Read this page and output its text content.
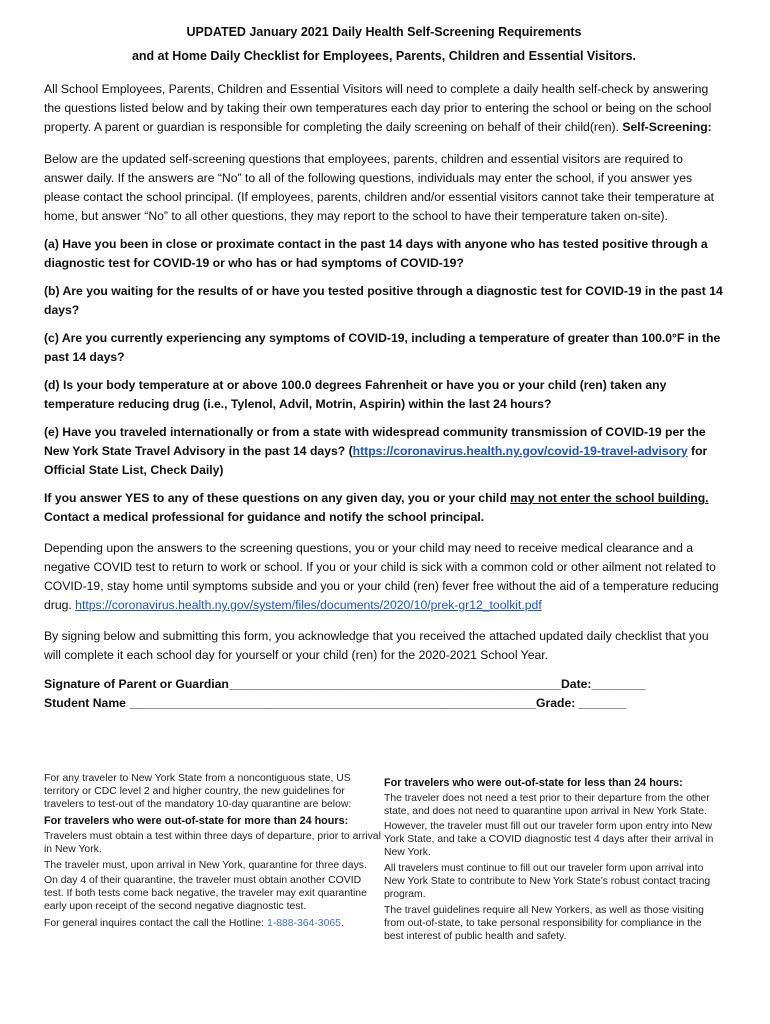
UPDATED January 2021 Daily Health Self-Screening Requirements
and at Home Daily Checklist for Employees, Parents, Children and Essential Visitors.
All School Employees, Parents, Children and Essential Visitors will need to complete a daily health self-check by answering the questions listed below and by taking their own temperatures each day prior to entering the school or being on the school property. A parent or guardian is responsible for completing the daily screening on behalf of their child(ren). Self-Screening:
Below are the updated self-screening questions that employees, parents, children and essential visitors are required to answer daily. If the answers are “No” to all of the following questions, individuals may enter the school, if you answer yes please contact the school principal. (If employees, parents, children and/or essential visitors cannot take their temperature at home, but answer “No” to all other questions, they may report to the school to have their temperature taken on-site).
(a) Have you been in close or proximate contact in the past 14 days with anyone who has tested positive through a diagnostic test for COVID-19 or who has or had symptoms of COVID-19?
(b) Are you waiting for the results of or have you tested positive through a diagnostic test for COVID-19 in the past 14 days?
(c) Are you currently experiencing any symptoms of COVID-19, including a temperature of greater than 100.0°F in the past 14 days?
(d) Is your body temperature at or above 100.0 degrees Fahrenheit or have you or your child (ren) taken any temperature reducing drug (i.e., Tylenol, Advil, Motrin, Aspirin) within the last 24 hours?
(e) Have you traveled internationally or from a state with widespread community transmission of COVID-19 per the New York State Travel Advisory in the past 14 days? (https://coronavirus.health.ny.gov/covid-19-travel-advisory for Official State List, Check Daily)
If you answer YES to any of these questions on any given day, you or your child may not enter the school building.
Contact a medical professional for guidance and notify the school principal.
Depending upon the answers to the screening questions, you or your child may need to receive medical clearance and a negative COVID test to return to work or school. If you or your child is sick with a common cold or other ailment not related to COVID-19, stay home until symptoms subside and you or your child (ren) fever free without the aid of a temperature reducing drug. https://coronavirus.health.ny.gov/system/files/documents/2020/10/prek-gr12_toolkit.pdf
By signing below and submitting this form, you acknowledge that you received the attached updated daily checklist that you will complete it each school day for yourself or your child (ren) for the 2020-2021 School Year.
Signature of Parent or Guardian_________________________________________________Date:________
Student Name ____________________________________________________________Grade: _______
For any traveler to New York State from a noncontiguous state, US territory or CDC level 2 and higher country, the new guidelines for travelers to test-out of the mandatory 10-day quarantine are below:
For travelers who were out-of-state for more than 24 hours:
Travelers must obtain a test within three days of departure, prior to arrival in New York.
The traveler must, upon arrival in New York, quarantine for three days.
On day 4 of their quarantine, the traveler must obtain another COVID test. If both tests come back negative, the traveler may exit quarantine early upon receipt of the second negative diagnostic test.
For general inquires contact the call the Hotline: 1-888-364-3065.
For travelers who were out-of-state for less than 24 hours:
The traveler does not need a test prior to their departure from the other state, and does not need to quarantine upon arrival in New York State.
However, the traveler must fill out our traveler form upon entry into New York State, and take a COVID diagnostic test 4 days after their arrival in New York.
All travelers must continue to fill out our traveler form upon arrival into New York State to contribute to New York State’s robust contact tracing program.
The travel guidelines require all New Yorkers, as well as those visiting from out-of-state, to take personal responsibility for compliance in the best interest of public health and safety.
